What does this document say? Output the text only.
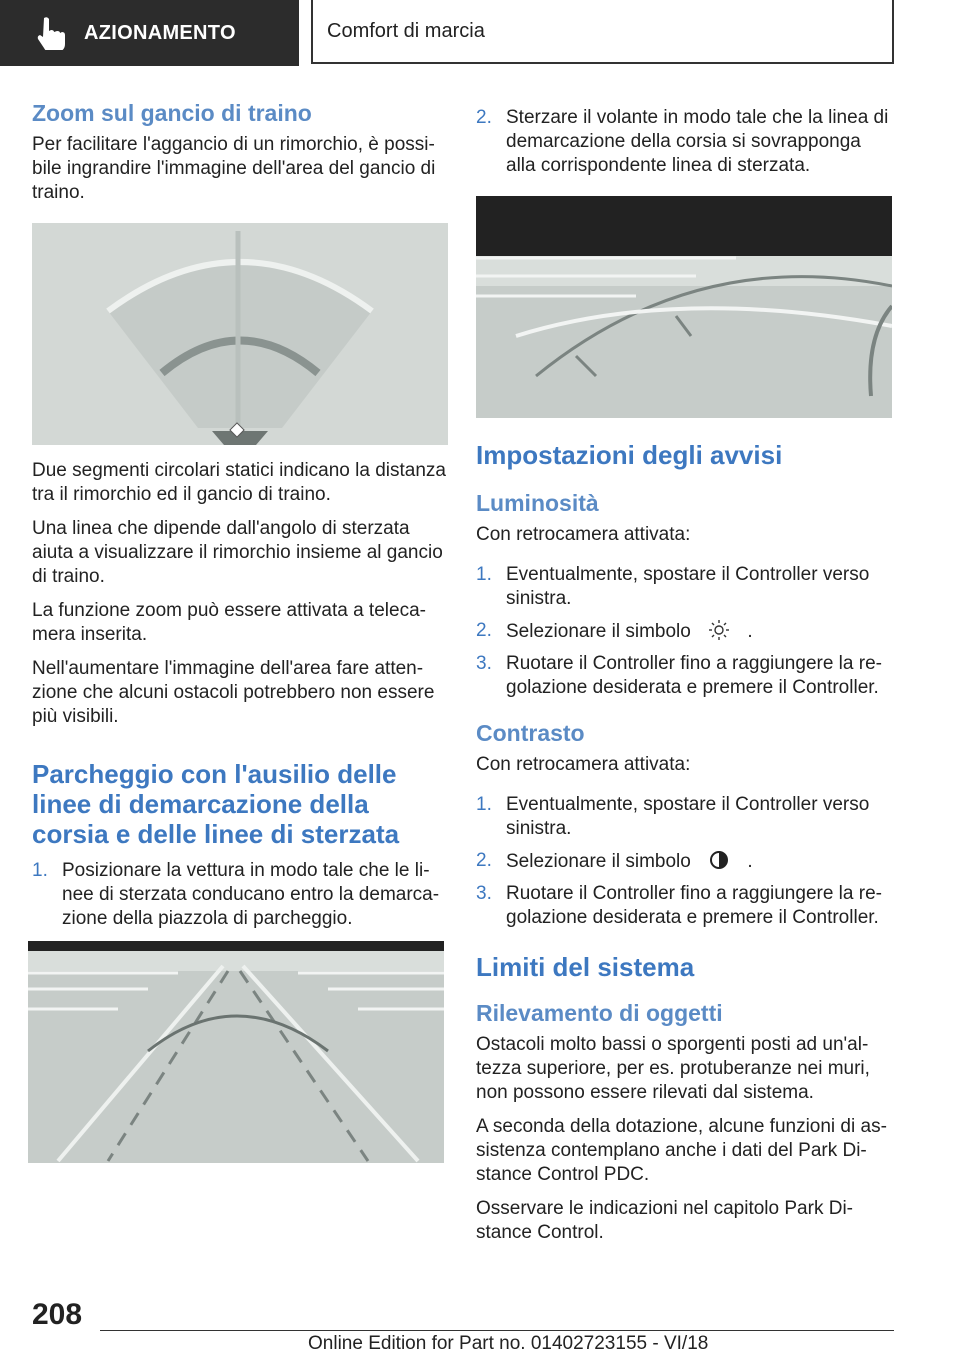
AZIONAMENTO	Comfort di marcia
Zoom sul gancio di traino

Per facilitare l'aggancio di un rimorchio, è possi-bile ingrandire l'immagine dell'area del gancio di traino.

Due segmenti circolari statici indicano la distanza tra il rimorchio ed il gancio di traino.

Una linea che dipende dall'angolo di sterzata aiuta a visualizzare il rimorchio insieme al gancio di traino.

La funzione zoom può essere attivata a teleca-mera inserita.

Nell'aumentare l'immagine dell'area fare atten-zione che alcuni ostacoli potrebbero non essere più visibili.

Parcheggio con l'ausilio delle linee di demarcazione della corsia e delle linee di sterzata
1. Posizionare la vettura in modo tale che le li-nee di sterzata conducano entro la demarca-zione della piazzola di parcheggio.
2. Sterzare il volante in modo tale che la linea di demarcazione della corsia si sovrapponga alla corrispondente linea di sterzata.
Impostazioni degli avvisi
Luminosità

Con retrocamera attivata:

1. Eventualmente, spostare il Controller verso sinistra.
2. Selezionare il simbolo	.
3. Ruotare il Controller fino a raggiungere la re-golazione desiderata e premere il Controller.
Contrasto

Con retrocamera attivata:

1. Eventualmente, spostare il Controller verso sinistra.
2. Selezionare il simbolo	.
3. Ruotare il Controller fino a raggiungere la re-golazione desiderata e premere il Controller.
Limiti del sistema
Rilevamento di oggetti

Ostacoli molto bassi o sporgenti posti ad un'al-tezza superiore, per es. protuberanze nei muri, non possono essere rilevati dal sistema.

A seconda della dotazione, alcune funzioni di as-sistenza contemplano anche i dati del Park Di-stance Control PDC.

Osservare le indicazioni nel capitolo Park Di-stance Control.

208
Online Edition for Part no. 01402723155 - VI/18
